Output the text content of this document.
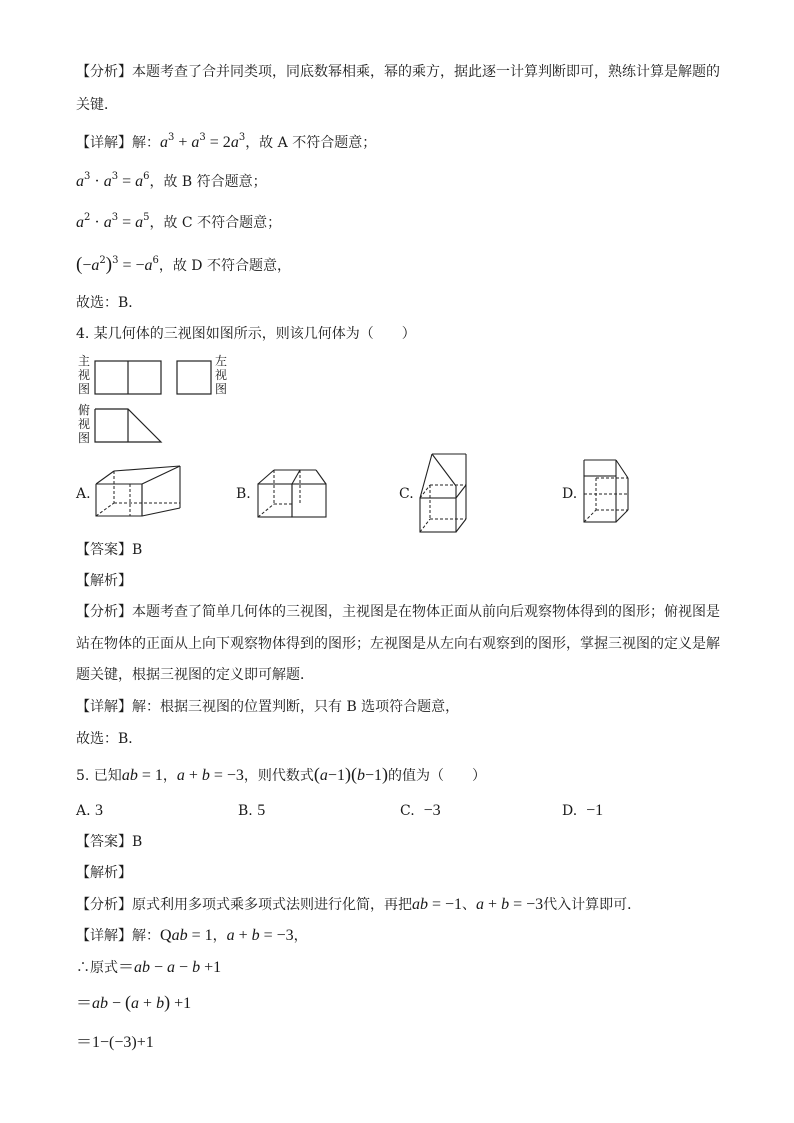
【分析】本题考查了合并同类项，同底数幂相乘，幂的乘方，据此逐一计算判断即可，熟练计算是解题的
关键．
【详解】解：$a^3 + a^3 = 2a^3$，故 A 不符合题意；
$a^3 \cdot a^3 = a^6$，故 B 符合题意；
$a^2 \cdot a^3 = a^5$，故 C 不符合题意；
$(-a^2)^3 = -a^6$，故 D 不符合题意，
故选：B．
4. 某几何体的三视图如图所示，则该几何体为（　　）
主视图
左视图
俯视图
A.	B.	C.	D.
【答案】B
【解析】
【分析】本题考查了简单几何体的三视图，主视图是在物体正面从前向后观察物体得到的图形；俯视图是
站在物体的正面从上向下观察物体得到的图形；左视图是从左向右观察到的图形，掌握三视图的定义是解
题关键，根据三视图的定义即可解题．
【详解】解：根据三视图的位置判断，只有 B 选项符合题意，
故选：B．
5. 已知ab = 1，a + b = −3，则代数式(a−1)(b−1)的值为（　　）
A. 3	B. 5	C. −3	D. −1
【答案】B
【解析】
【分析】原式利用多项式乘多项式法则进行化简，再把ab = −1、a + b = −3代入计算即可．
【详解】解：Qab = 1，a + b = −3，
∴原式＝ab − a − b +1
＝ab − (a + b) +1
＝1−(−3)+1
